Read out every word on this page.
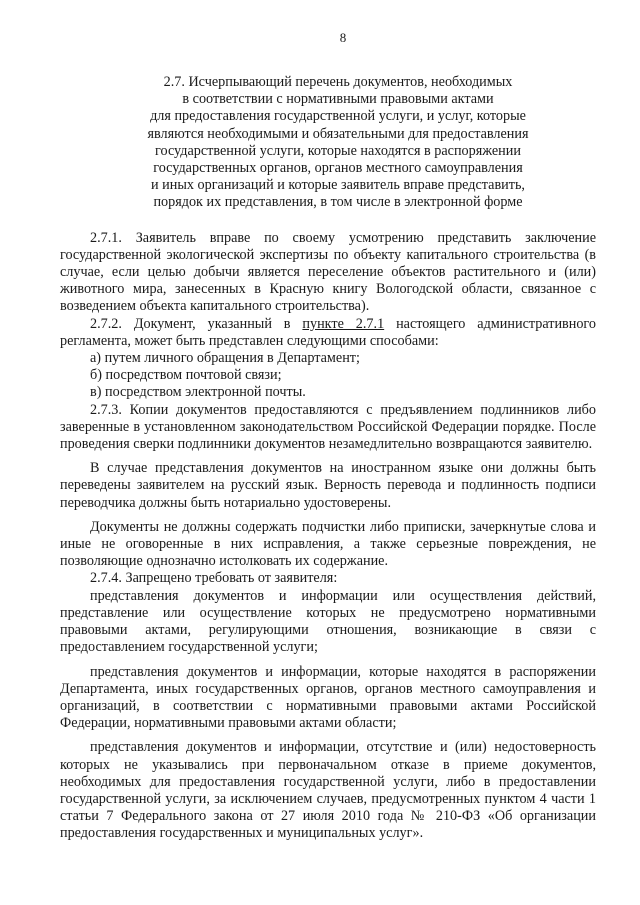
8
2.7. Исчерпывающий перечень документов, необходимых
в соответствии с нормативными правовыми актами
для предоставления государственной услуги, и услуг, которые
являются необходимыми и обязательными для предоставления
государственной услуги, которые находятся в распоряжении
государственных органов, органов местного самоуправления
и иных организаций и которые заявитель вправе представить,
порядок их представления, в том числе в электронной форме

2.7.1. Заявитель вправе по своему усмотрению представить заключение государственной экологической экспертизы по объекту капитального строительства (в случае, если целью добычи является переселение объектов растительного и (или) животного мира, занесенных в Красную книгу Вологодской области, связанное с возведением объекта капитального строительства).

2.7.2. Документ, указанный в пункте 2.7.1 настоящего административного регламента, может быть представлен следующими способами:

а) путем личного обращения в Департамент;

б) посредством почтовой связи;

в) посредством электронной почты.

2.7.3. Копии документов предоставляются с предъявлением подлинников либо заверенные в установленном законодательством Российской Федерации порядке. После проведения сверки подлинники документов незамедлительно возвращаются заявителю.

В случае представления документов на иностранном языке они должны быть переведены заявителем на русский язык. Верность перевода и подлинность подписи переводчика должны быть нотариально удостоверены.

Документы не должны содержать подчистки либо приписки, зачеркнутые слова и иные не оговоренные в них исправления, а также серьезные повреждения, не позволяющие однозначно истолковать их содержание.

2.7.4. Запрещено требовать от заявителя:

представления документов и информации или осуществления действий, представление или осуществление которых не предусмотрено нормативными правовыми актами, регулирующими отношения, возникающие в связи с предоставлением государственной услуги;

представления документов и информации, которые находятся в распоряжении Департамента, иных государственных органов, органов местного самоуправления и организаций, в соответствии с нормативными правовыми актами Российской Федерации, нормативными правовыми актами области;

представления документов и информации, отсутствие и (или) недостоверность которых не указывались при первоначальном отказе в приеме документов, необходимых для предоставления государственной услуги, либо в предоставлении государственной услуги, за исключением случаев, предусмотренных пунктом 4 части 1 статьи 7 Федерального закона от 27 июля 2010 года № 210-ФЗ «Об организации предоставления государственных и муниципальных услуг».
